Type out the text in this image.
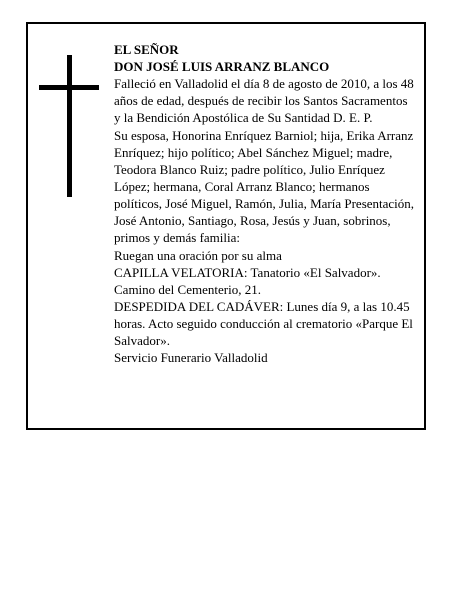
EL SEÑOR

DON JOSÉ LUIS ARRANZ BLANCO

Falleció en Valladolid el día 8 de agosto de 2010, a los 48 años de edad, después de recibir los Santos Sacramentos y la Bendición Apostólica de Su Santidad D. E. P.

Su esposa, Honorina Enríquez Barniol; hija, Erika Arranz Enríquez; hijo político; Abel Sánchez Miguel; madre, Teodora Blanco Ruiz; padre político, Julio Enríquez López; hermana, Coral Arranz Blanco; hermanos políticos, José Miguel, Ramón, Julia, María Presentación, José Antonio, Santiago, Rosa, Jesús y Juan, sobrinos, primos y demás familia:

Ruegan una oración por su alma

CAPILLA VELATORIA: Tanatorio «El Salvador». Camino del Cementerio, 21.

DESPEDIDA DEL CADÁVER: Lunes día 9, a las 10.45 horas. Acto seguido conducción al crematorio «Parque El Salvador».

Servicio Funerario Valladolid
